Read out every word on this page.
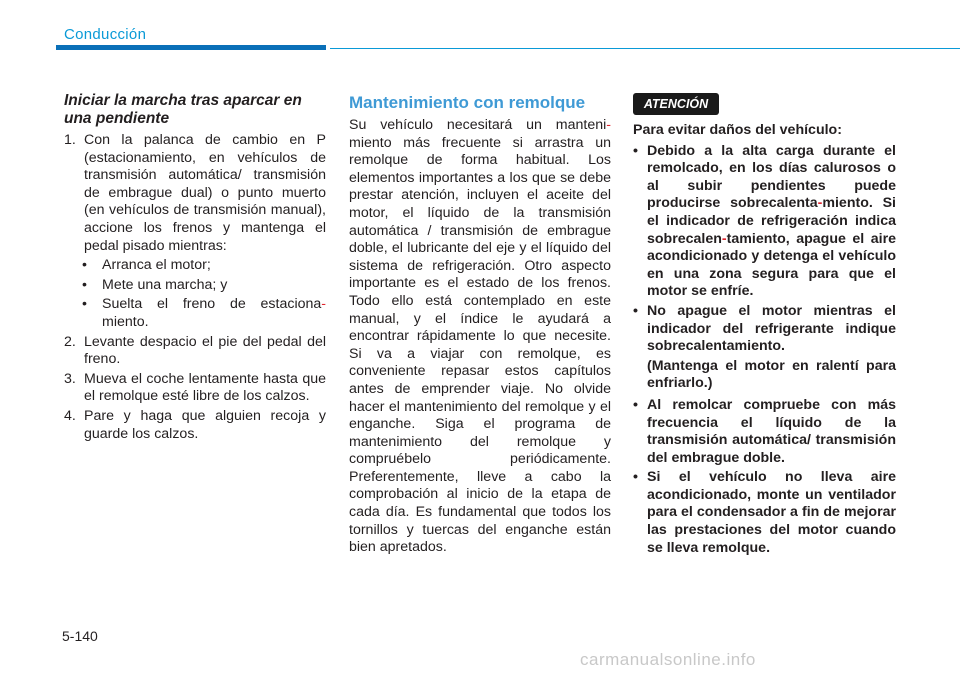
Conducción
Iniciar la marcha tras aparcar en una pendiente
1. Con la palanca de cambio en P (estacionamiento, en vehículos de transmisión automática/ transmisión de embrague dual) o punto muerto (en vehículos de transmisión manual), accione los frenos y mantenga el pedal pisado mientras:
• Arranca el motor;
• Mete una marcha; y
• Suelta el freno de estaciona-miento.
2. Levante despacio el pie del pedal del freno.
3. Mueva el coche lentamente hasta que el remolque esté libre de los calzos.
4. Pare y haga que alguien recoja y guarde los calzos.
Mantenimiento con remolque

Su vehículo necesitará un manteni-miento más frecuente si arrastra un remolque de forma habitual. Los elementos importantes a los que se debe prestar atención, incluyen el aceite del motor, el líquido de la transmisión automática / transmisión de embrague doble, el lubricante del eje y el líquido del sistema de refrigeración. Otro aspecto importante es el estado de los frenos. Todo ello está contemplado en este manual, y el índice le ayudará a encontrar rápidamente lo que necesite. Si va a viajar con remolque, es conveniente repasar estos capítulos antes de emprender viaje. No olvide hacer el mantenimiento del remolque y el enganche. Siga el programa de mantenimiento del remolque y compruébelo periódicamente. Preferentemente, lleve a cabo la comprobación al inicio de la etapa de cada día. Es fundamental que todos los tornillos y tuercas del enganche están bien apretados.

ATENCIÓN

Para evitar daños del vehículo:

• Debido a la alta carga durante el remolcado, en los días calurosos o al subir pendientes puede producirse sobrecalenta-miento. Si el indicador de refrigeración indica sobrecalen-tamiento, apague el aire acondicionado y detenga el vehículo en una zona segura para que el motor se enfríe.
• No apague el motor mientras el indicador del refrigerante indique sobrecalentamiento.

(Mantenga el motor en ralentí para enfriarlo.)

• Al remolcar compruebe con más frecuencia el líquido de la transmisión automática/ transmisión del embrague doble.
• Si el vehículo no lleva aire acondicionado, monte un ventilador para el condensador a fin de mejorar las prestaciones del motor cuando se lleva remolque.
5-140
carmanualsonline.info
